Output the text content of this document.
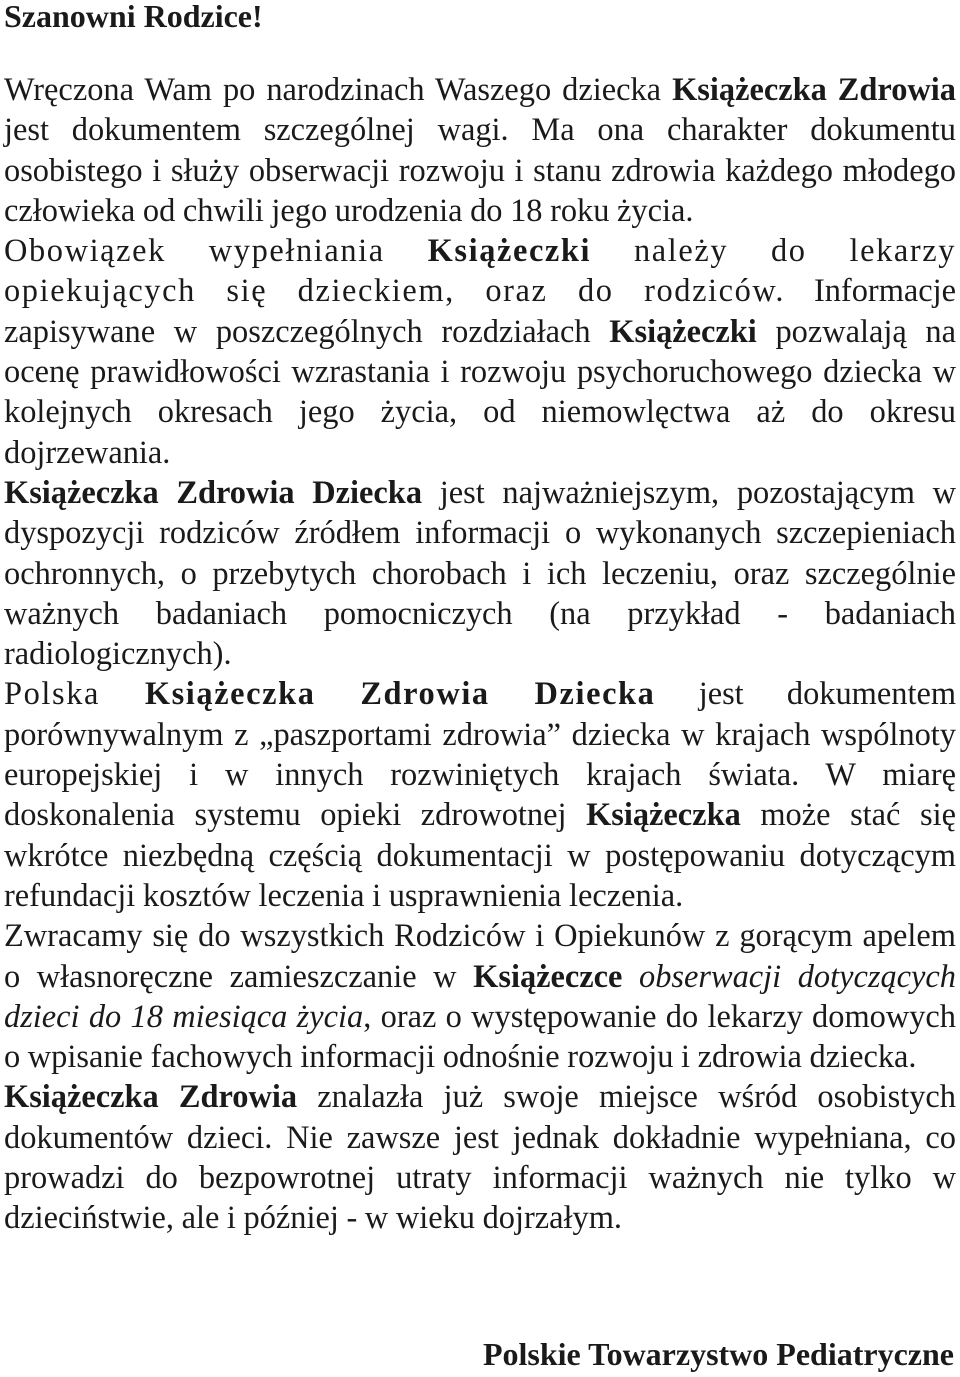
Szanowni Rodzice!

Wręczona Wam po narodzinach Waszego dziecka Książeczka Zdrowia jest dokumentem szczególnej wagi. Ma ona charakter dokumentu osobistego i służy obserwacji rozwoju i stanu zdrowia każdego młodego człowieka od chwili jego urodzenia do 18 roku życia.

Obowiązek wypełniania Książeczki należy do lekarzy opiekujących się dzieckiem, oraz do rodziców. Informacje zapisywane w poszczególnych rozdziałach Książeczki pozwalają na ocenę prawidłowości wzrastania i rozwoju psychoruchowego dziecka w kolejnych okresach jego życia, od niemowlęctwa aż do okresu dojrzewania.

Książeczka Zdrowia Dziecka jest najważniejszym, pozostającym w dyspozycji rodziców źródłem informacji o wykonanych szczepieniach ochronnych, o przebytych chorobach i ich leczeniu, oraz szczególnie ważnych badaniach pomocniczych (na przykład - badaniach radiologicznych).

Polska Książeczka Zdrowia Dziecka jest dokumentem porównywalnym z „paszportami zdrowia” dziecka w krajach wspólnoty europejskiej i w innych rozwiniętych krajach świata. W miarę doskonalenia systemu opieki zdrowotnej Książeczka może stać się wkrótce niezbędną częścią dokumentacji w postępowaniu dotyczącym refundacji kosztów leczenia i usprawnienia leczenia.

Zwracamy się do wszystkich Rodziców i Opiekunów z gorącym apelem o własnoręczne zamieszczanie w Książeczce obserwacji dotyczących dzieci do 18 miesiąca życia, oraz o występowanie do lekarzy domowych o wpisanie fachowych informacji odnośnie rozwoju i zdrowia dziecka.

Książeczka Zdrowia znalazła już swoje miejsce wśród osobistych dokumentów dzieci. Nie zawsze jest jednak dokładnie wypełniana, co prowadzi do bezpowrotnej utraty informacji ważnych nie tylko w dzieciństwie, ale i później - w wieku dojrzałym.

Polskie Towarzystwo Pediatryczne
